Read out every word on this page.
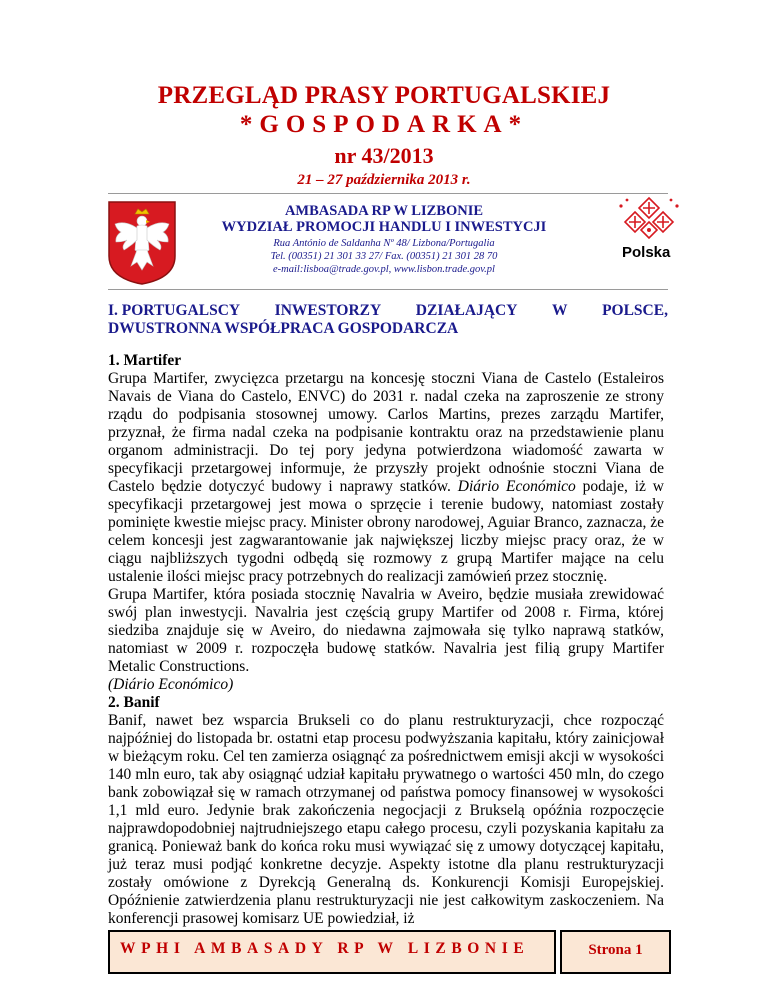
PRZEGLĄD PRASY PORTUGALSKIEJ
*GOSPODARKA*
nr 43/2013
21 – 27 października 2013 r.
AMBASADA RP W LIZBONIE
WYDZIAŁ PROMOCJI HANDLU I INWESTYCJI
Rua António de Saldanha Nº 48/ Lizbona/Portugalia
Tel. (00351) 21 301 33 27/ Fax. (00351) 21 301 28 70
e-mail:lisboa@trade.gov.pl, www.lisbon.trade.gov.pl
Polska
I. PORTUGALSCY INWESTORZY DZIAŁAJĄCY W POLSCE,
DWUSTRONNA WSPÓŁPRACA GOSPODARCZA
1. Martifer

Grupa Martifer, zwycięzca przetargu na koncesję stoczni Viana de Castelo (Estaleiros Navais de Viana do Castelo, ENVC) do 2031 r. nadal czeka na zaproszenie ze strony rządu do podpisania stosownej umowy. Carlos Martins, prezes zarządu Martifer, przyznał, że firma nadal czeka na podpisanie kontraktu oraz na przedstawienie planu organom administracji. Do tej pory jedyna potwierdzona wiadomość zawarta w specyfikacji przetargowej informuje, że przyszły projekt odnośnie stoczni Viana de Castelo będzie dotyczyć budowy i naprawy statków. Diário Económico podaje, iż w specyfikacji przetargowej jest mowa o sprzęcie i terenie budowy, natomiast zostały pominięte kwestie miejsc pracy. Minister obrony narodowej, Aguiar Branco, zaznacza, że celem koncesji jest zagwarantowanie jak największej liczby miejsc pracy oraz, że w ciągu najbliższych tygodni odbędą się rozmowy z grupą Martifer mające na celu ustalenie ilości miejsc pracy potrzebnych do realizacji zamówień przez stocznię.

Grupa Martifer, która posiada stocznię Navalria w Aveiro, będzie musiała zrewidować swój plan inwestycji. Navalria jest częścią grupy Martifer od 2008 r. Firma, której siedziba znajduje się w Aveiro, do niedawna zajmowała się tylko naprawą statków, natomiast w 2009 r. rozpoczęła budowę statków. Navalria jest filią grupy Martifer Metalic Constructions.

(Diário Económico)

2. Banif

Banif, nawet bez wsparcia Brukseli co do planu restrukturyzacji, chce rozpocząć najpóźniej do listopada br. ostatni etap procesu podwyższania kapitału, który zainicjował w bieżącym roku. Cel ten zamierza osiągnąć za pośrednictwem emisji akcji w wysokości 140 mln euro, tak aby osiągnąć udział kapitału prywatnego o wartości 450 mln, do czego bank zobowiązał się w ramach otrzymanej od państwa pomocy finansowej w wysokości 1,1 mld euro. Jedynie brak zakończenia negocjacji z Brukselą opóźnia rozpoczęcie najprawdopodobniej najtrudniejszego etapu całego procesu, czyli pozyskania kapitału za granicą. Ponieważ bank do końca roku musi wywiązać się z umowy dotyczącej kapitału, już teraz musi podjąć konkretne decyzje. Aspekty istotne dla planu restrukturyzacji zostały omówione z Dyrekcją Generalną ds. Konkurencji Komisji Europejskiej. Opóźnienie zatwierdzenia planu restrukturyzacji nie jest całkowitym zaskoczeniem. Na konferencji prasowej komisarz UE powiedział, iż

WPHI AMBASADY RP W LIZBONIE	Strona 1
